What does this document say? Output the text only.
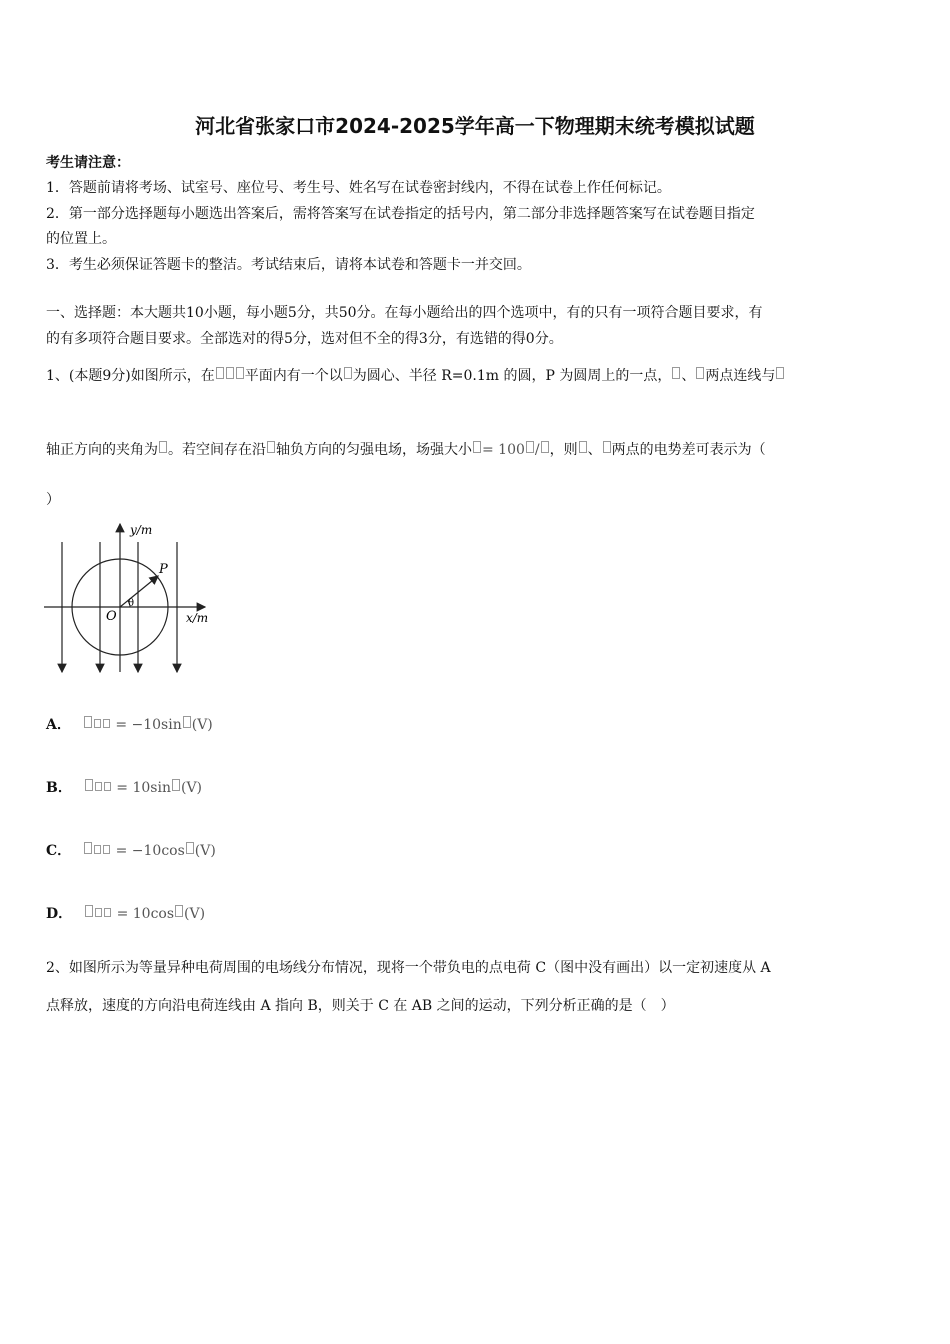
河北省张家口市2024-2025学年高一下物理期末统考模拟试题
考生请注意：
1．答题前请将考场、试室号、座位号、考生号、姓名写在试卷密封线内，不得在试卷上作任何标记。
2．第一部分选择题每小题选出答案后，需将答案写在试卷指定的括号内，第二部分非选择题答案写在试卷题目指定
的位置上。
3．考生必须保证答题卡的整洁。考试结束后，请将本试卷和答题卡一并交回。
一、选择题：本大题共10小题，每小题5分，共50分。在每小题给出的四个选项中，有的只有一项符合题目要求，有
的有多项符合题目要求。全部选对的得5分，选对但不全的得3分，有选错的得0分。
1、(本题9分)如图所示，在 平面内有一个以 为圆心、半径 R=0.1m 的圆，P 为圆周上的一点， 、 两点连线与
轴正方向的夹角为 。若空间存在沿 轴负方向的匀强电场，场强大小 = 100 / ，则 、 两点的电势差可表示为（
）
y/m
x/m
O
P
θ
A．	= −10sin (V)
B．	= 10sin (V)
C．	= −10cos (V)
D．	= 10cos (V)
2、如图所示为等量异种电荷周围的电场线分布情况，现将一个带负电的点电荷 C（图中没有画出）以一定初速度从 A
点释放，速度的方向沿电荷连线由 A 指向 B，则关于 C 在 AB 之间的运动，下列分析正确的是（　）
